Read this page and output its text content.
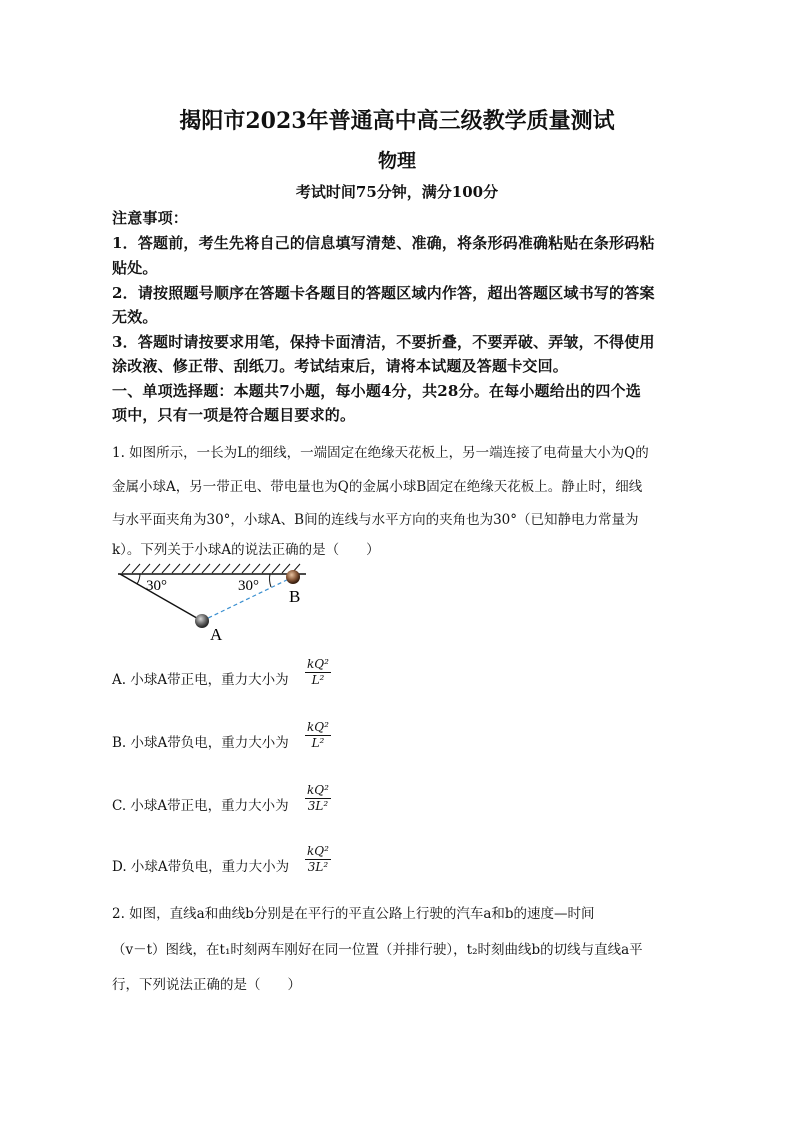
揭阳市2023年普通高中高三级教学质量测试
物理
考试时间75分钟，满分100分
注意事项：
1．答题前，考生先将自己的信息填写清楚、准确，将条形码准确粘贴在条形码粘
贴处。
2．请按照题号顺序在答题卡各题目的答题区域内作答，超出答题区域书写的答案
无效。
3．答题时请按要求用笔，保持卡面清洁，不要折叠，不要弄破、弄皱，不得使用
涂改液、修正带、刮纸刀。考试结束后，请将本试题及答题卡交回。
一、单项选择题：本题共7小题，每小题4分，共28分。在每小题给出的四个选
项中，只有一项是符合题目要求的。
1. 如图所示，一长为L的细线，一端固定在绝缘天花板上，另一端连接了电荷量大小为Q的
金属小球A，另一带正电、带电量也为Q的金属小球B固定在绝缘天花板上。静止时，细线
与水平面夹角为30°，小球A、B间的连线与水平方向的夹角也为30°（已知静电力常量为
k）。下列关于小球A的说法正确的是（　　）
30°	30°
A
B
A. 小球A带正电，重力大小为 $\frac{\text{kQ²}}{\text{L²}}$
B. 小球A带负电，重力大小为 $\frac{\text{kQ²}}{\text{L²}}$
C. 小球A带正电，重力大小为 $\frac{\text{kQ²}}{\text{3L²}}$
D. 小球A带负电，重力大小为 $\frac{\text{kQ²}}{\text{3L²}}$
2. 如图，直线a和曲线b分别是在平行的平直公路上行驶的汽车a和b的速度—时间
（v－t）图线，在t₁时刻两车刚好在同一位置（并排行驶），t₂时刻曲线b的切线与直线a平
行，下列说法正确的是（　　）
